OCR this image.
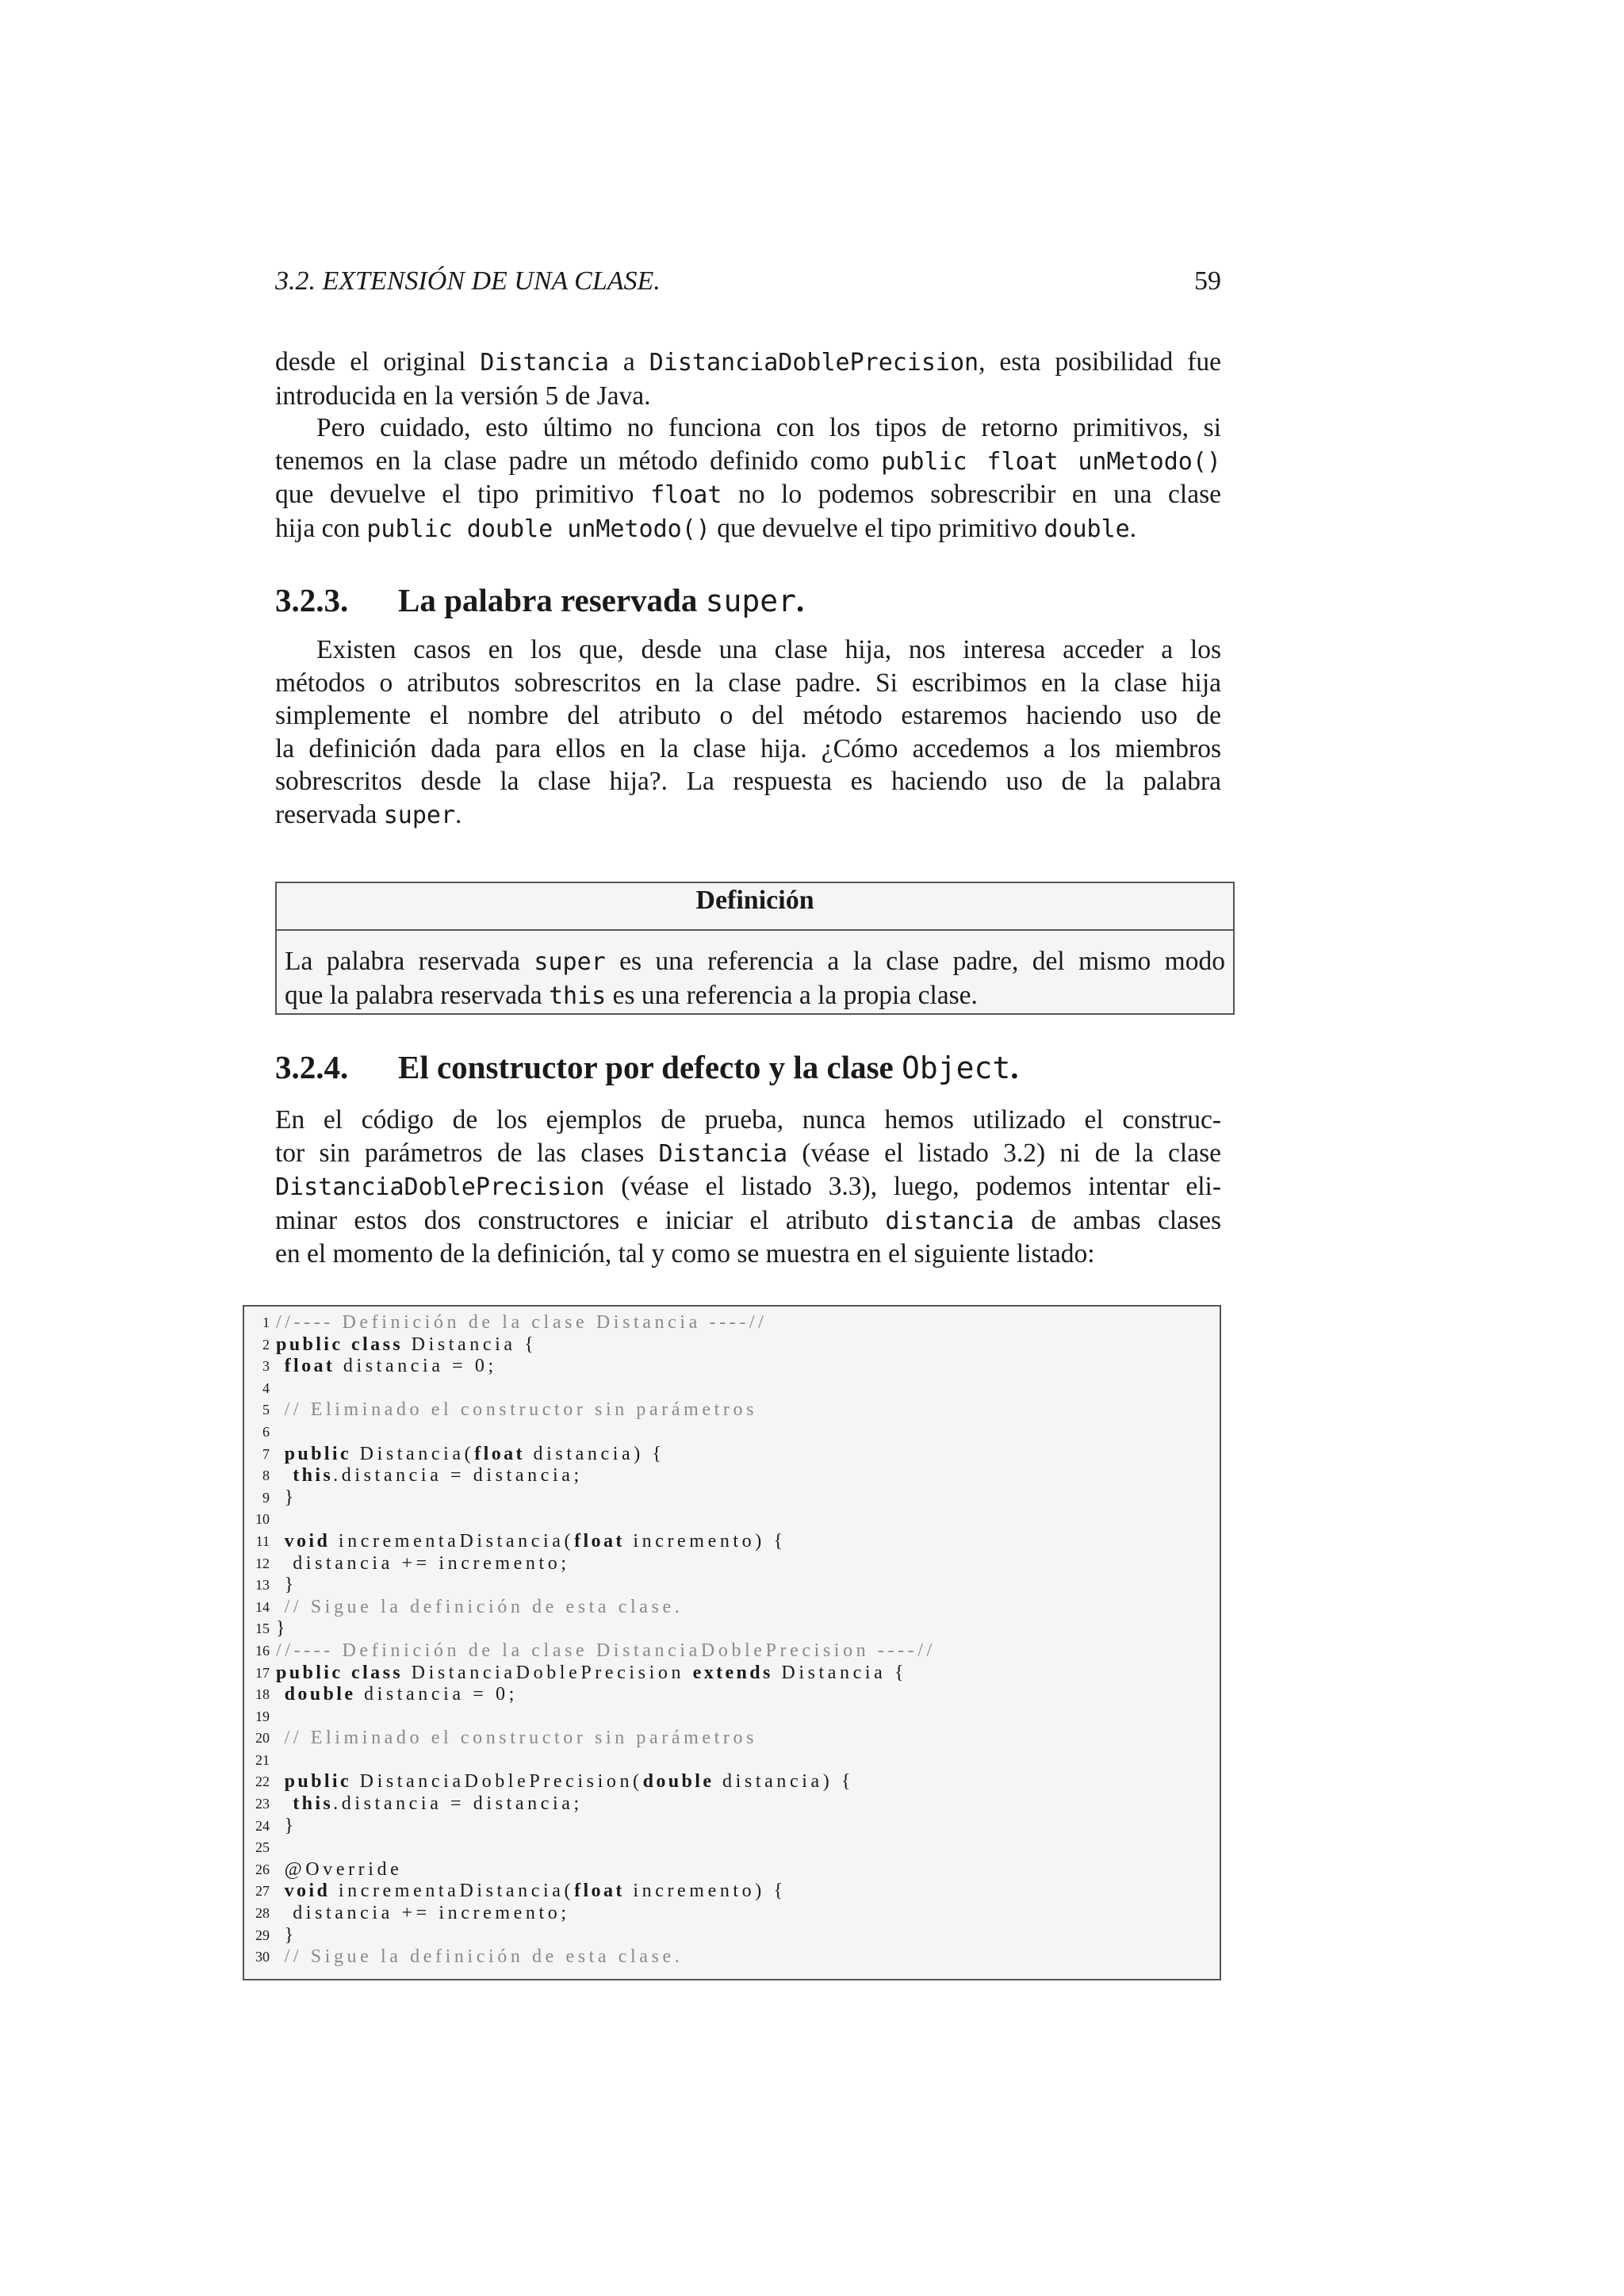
3.2. EXTENSIÓN DE UNA CLASE.	59
desde el original Distancia a DistanciaDoblePrecision, esta posibilidad fue
introducida en la versión 5 de Java.
Pero cuidado, esto último no funciona con los tipos de retorno primitivos, si
tenemos en la clase padre un método definido como public float unMetodo()
que devuelve el tipo primitivo float no lo podemos sobrescribir en una clase
hija con public double unMetodo() que devuelve el tipo primitivo double.
3.2.3. La palabra reservada super.
Existen casos en los que, desde una clase hija, nos interesa acceder a los
métodos o atributos sobrescritos en la clase padre. Si escribimos en la clase hija
simplemente el nombre del atributo o del método estaremos haciendo uso de
la definición dada para ellos en la clase hija. ¿Cómo accedemos a los miembros
sobrescritos desde la clase hija?. La respuesta es haciendo uso de la palabra
reservada super.
Definición
La palabra reservada super es una referencia a la clase padre, del mismo modo
que la palabra reservada this es una referencia a la propia clase.
3.2.4. El constructor por defecto y la clase Object.
En el código de los ejemplos de prueba, nunca hemos utilizado el construc-
tor sin parámetros de las clases Distancia (véase el listado 3.2) ni de la clase
DistanciaDoblePrecision (véase el listado 3.3), luego, podemos intentar eli-
minar estos dos constructores e iniciar el atributo distancia de ambas clases
en el momento de la definición, tal y como se muestra en el siguiente listado:
1 //---- Definición de la clase Distancia ----//
2 public class Distancia {
3 float distancia = 0;
4
5 // Eliminado el constructor sin parámetros
6
7 public Distancia(float distancia) {
8	this.distancia = distancia;
9 }
10
11 void incrementaDistancia(float incremento) {
12 distancia += incremento;
13 }
14 // Sigue la definición de esta clase.
15 }
16 //---- Definición de la clase DistanciaDoblePrecision ----//
17 public class DistanciaDoblePrecision extends Distancia {
18 double distancia = 0;
19
20 // Eliminado el constructor sin parámetros
21
22 public DistanciaDoblePrecision(double distancia) {
23	this.distancia = distancia;
24 }
25
26 @Override
27 void incrementaDistancia(float incremento) {
28 distancia += incremento;
29 }
30 // Sigue la definición de esta clase.
